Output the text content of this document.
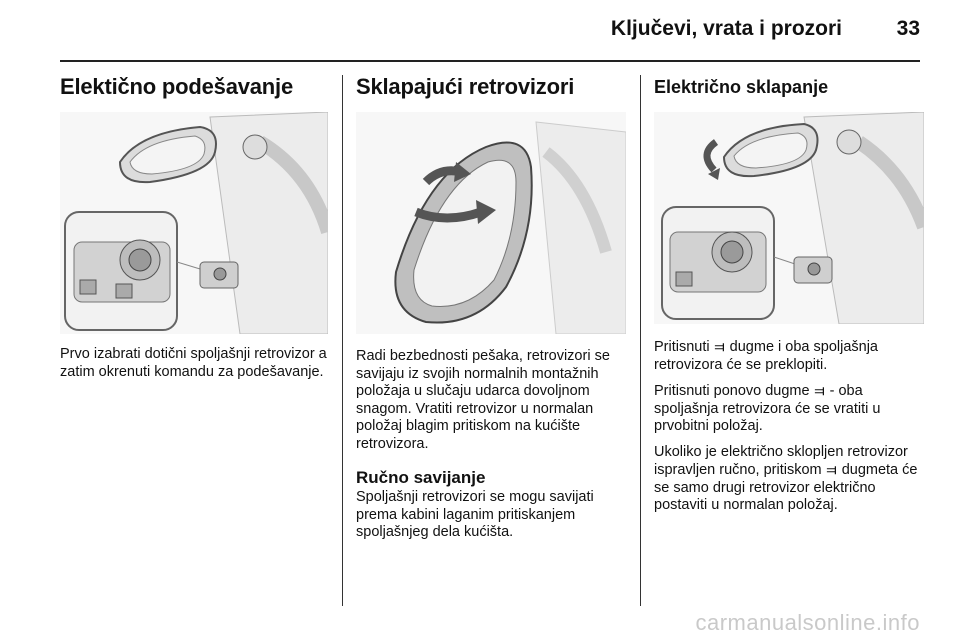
Ključevi, vrata i prozori	33
Elektično podešavanje

Prvo izabrati dotični spoljašnji retrovizor a zatim okrenuti komandu za podešavanje.

Sklapajući retrovizori

Radi bezbednosti pešaka, retrovizori se savijaju iz svojih normalnih montažnih položaja u slučaju udarca dovoljnom snagom. Vratiti retrovizor u normalan položaj blagim pritiskom na kućište retrovizora.

Ručno savijanje

Spoljašnji retrovizori se mogu savijati prema kabini laganim pritiskanjem spoljašnjeg dela kućišta.

Električno sklapanje

Pritisnuti ⫤ dugme i oba spoljašnja retrovizora će se preklopiti.

Pritisnuti ponovo dugme ⫤ - oba spoljašnja retrovizora će se vratiti u prvobitni položaj.

Ukoliko je električno sklopljen retrovizor ispravljen ručno, pritiskom ⫤ dugmeta će se samo drugi retrovizor električno postaviti u normalan položaj.

carmanualsonline.info
